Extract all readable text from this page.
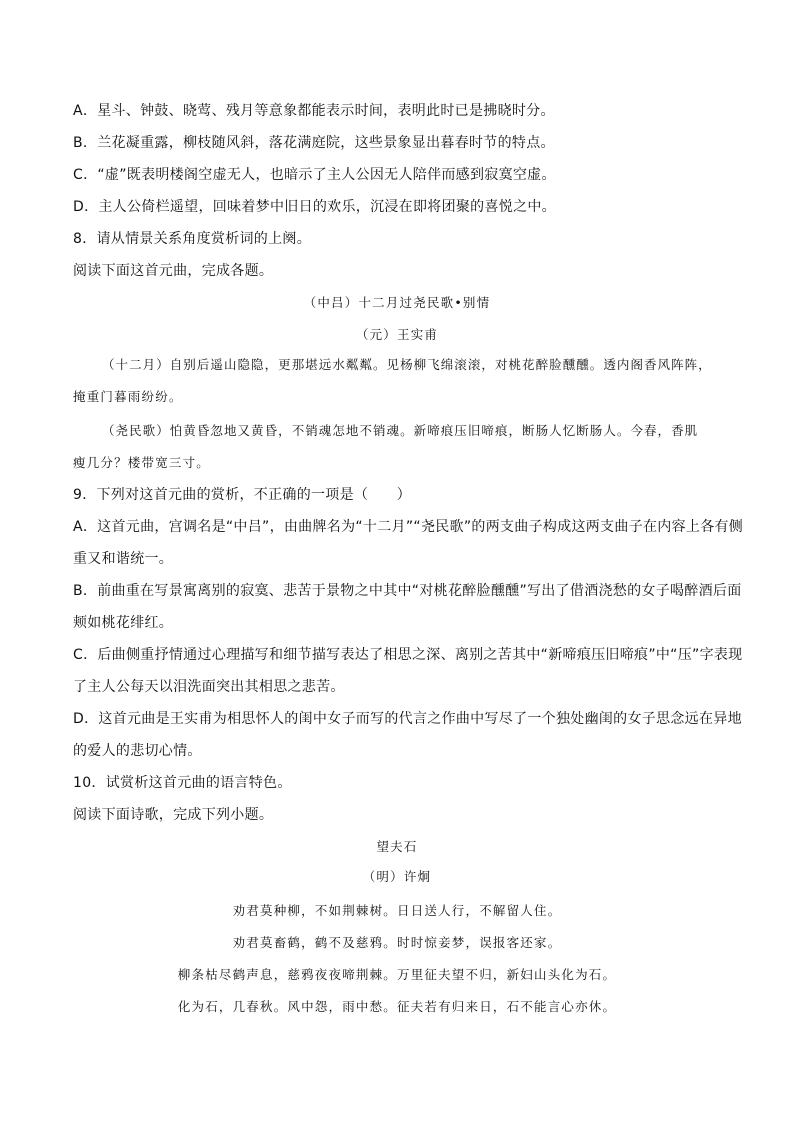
A．星斗、钟鼓、晓莺、残月等意象都能表示时间，表明此时已是拂晓时分。
B．兰花凝重露，柳枝随风斜，落花满庭院，这些景象显出暮春时节的特点。
C．“虚”既表明楼阁空虚无人，也暗示了主人公因无人陪伴而感到寂寞空虚。
D．主人公倚栏遥望，回味着梦中旧日的欢乐，沉浸在即将团聚的喜悦之中。
8．请从情景关系角度赏析词的上阕。
阅读下面这首元曲，完成各题。
（中吕）十二月过尧民歌•别情
（元）王实甫
（十二月）自别后遥山隐隐，更那堪远水粼粼。见杨柳飞绵滚滚，对桃花醉脸醺醺。透内阁香风阵阵，
掩重门暮雨纷纷。
（尧民歌）怕黄昏忽地又黄昏，不销魂怎地不销魂。新啼痕压旧啼痕，断肠人忆断肠人。今春，香肌
瘦几分？楼带宽三寸。
9．下列对这首元曲的赏析，不正确的一项是（　　）
A．这首元曲，宫调名是“中吕”，由曲牌名为“十二月”“尧民歌”的两支曲子构成这两支曲子在内容上各有侧
重又和谐统一。
B．前曲重在写景寓离别的寂寞、悲苦于景物之中其中“对桃花醉脸醺醺”写出了借酒浇愁的女子喝醉酒后面
颊如桃花绯红。
C．后曲侧重抒情通过心理描写和细节描写表达了相思之深、离别之苦其中“新啼痕压旧啼痕”中“压”字表现
了主人公每天以泪洗面突出其相思之悲苦。
D．这首元曲是王实甫为相思怀人的闺中女子而写的代言之作曲中写尽了一个独处幽闺的女子思念远在异地
的爱人的悲切心情。
10．试赏析这首元曲的语言特色。
阅读下面诗歌，完成下列小题。
望夫石
（明）许炯
劝君莫种柳，不如荆棘树。日日送人行，不解留人住。
劝君莫畜鹤，鹤不及慈鸦。时时惊妾梦，误报客还家。
柳条枯尽鹤声息，慈鸦夜夜啼荆棘。万里征夫望不归，新妇山头化为石。
化为石，几春秋。风中怨，雨中愁。征夫若有归来日，石不能言心亦休。
